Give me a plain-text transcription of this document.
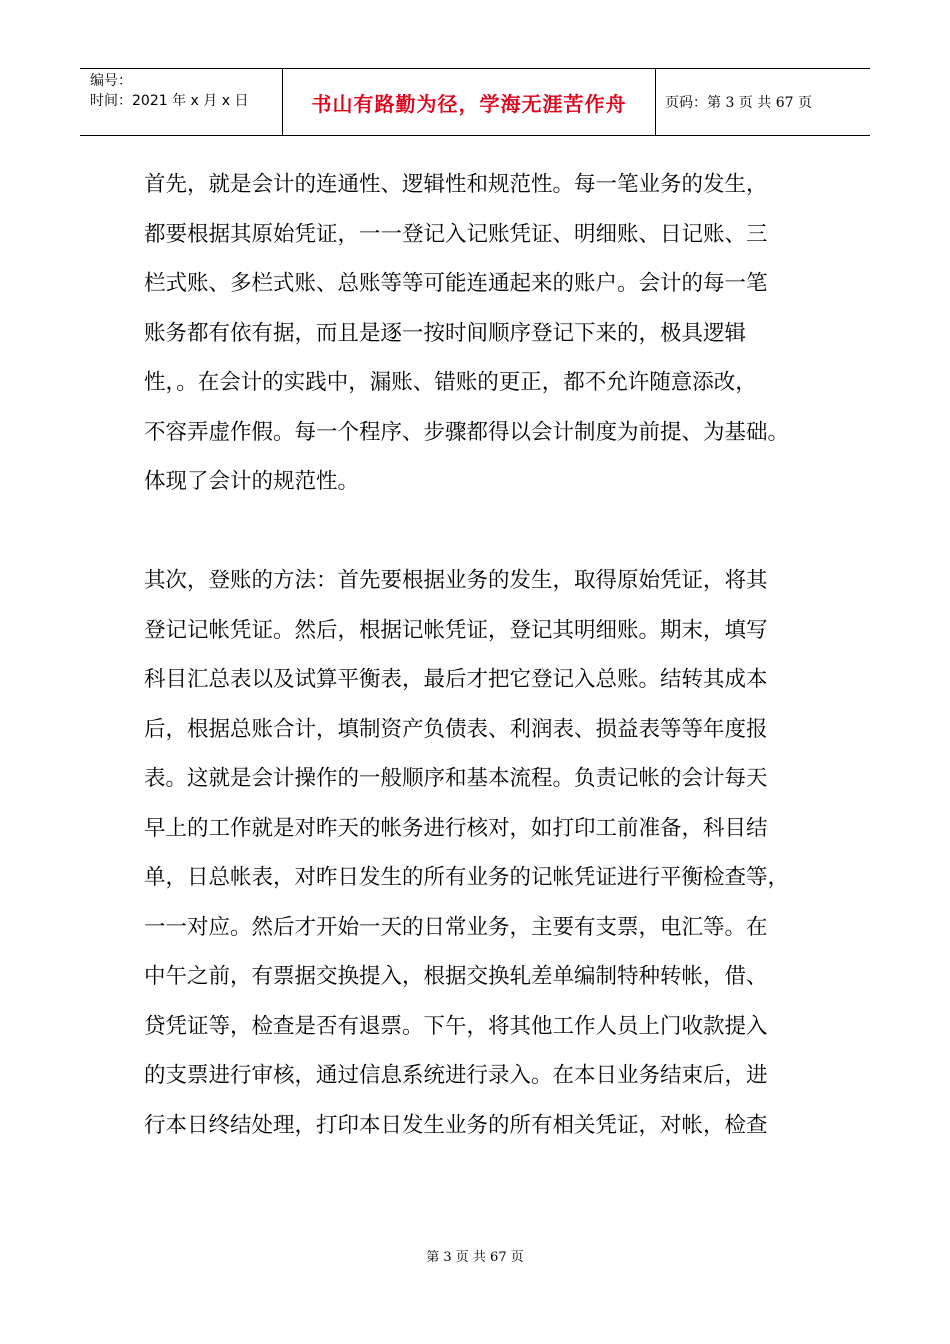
编号：
时间：2021 年 x 月 x 日	书山有路勤为径，学海无涯苦作舟	页码：第 3 页 共 67 页

首先，就是会计的连通性、逻辑性和规范性。每一笔业务的发生，
都要根据其原始凭证，一一登记入记账凭证、明细账、日记账、三
栏式账、多栏式账、总账等等可能连通起来的账户。会计的每一笔
账务都有依有据，而且是逐一按时间顺序登记下来的，极具逻辑
性，。在会计的实践中，漏账、错账的更正，都不允许随意添改，
不容弄虚作假。每一个程序、步骤都得以会计制度为前提、为基础。
体现了会计的规范性。

其次，登账的方法：首先要根据业务的发生，取得原始凭证，将其
登记记帐凭证。然后，根据记帐凭证，登记其明细账。期末，填写
科目汇总表以及试算平衡表，最后才把它登记入总账。结转其成本
后，根据总账合计，填制资产负债表、利润表、损益表等等年度报
表。这就是会计操作的一般顺序和基本流程。负责记帐的会计每天
早上的工作就是对昨天的帐务进行核对，如打印工前准备，科目结
单，日总帐表，对昨日发生的所有业务的记帐凭证进行平衡检查等，
一一对应。然后才开始一天的日常业务，主要有支票，电汇等。在
中午之前，有票据交换提入，根据交换轧差单编制特种转帐，借、
贷凭证等，检查是否有退票。下午，将其他工作人员上门收款提入
的支票进行审核，通过信息系统进行录入。在本日业务结束后，进
行本日终结处理，打印本日发生业务的所有相关凭证，对帐，检查

第 3 页 共 67 页
